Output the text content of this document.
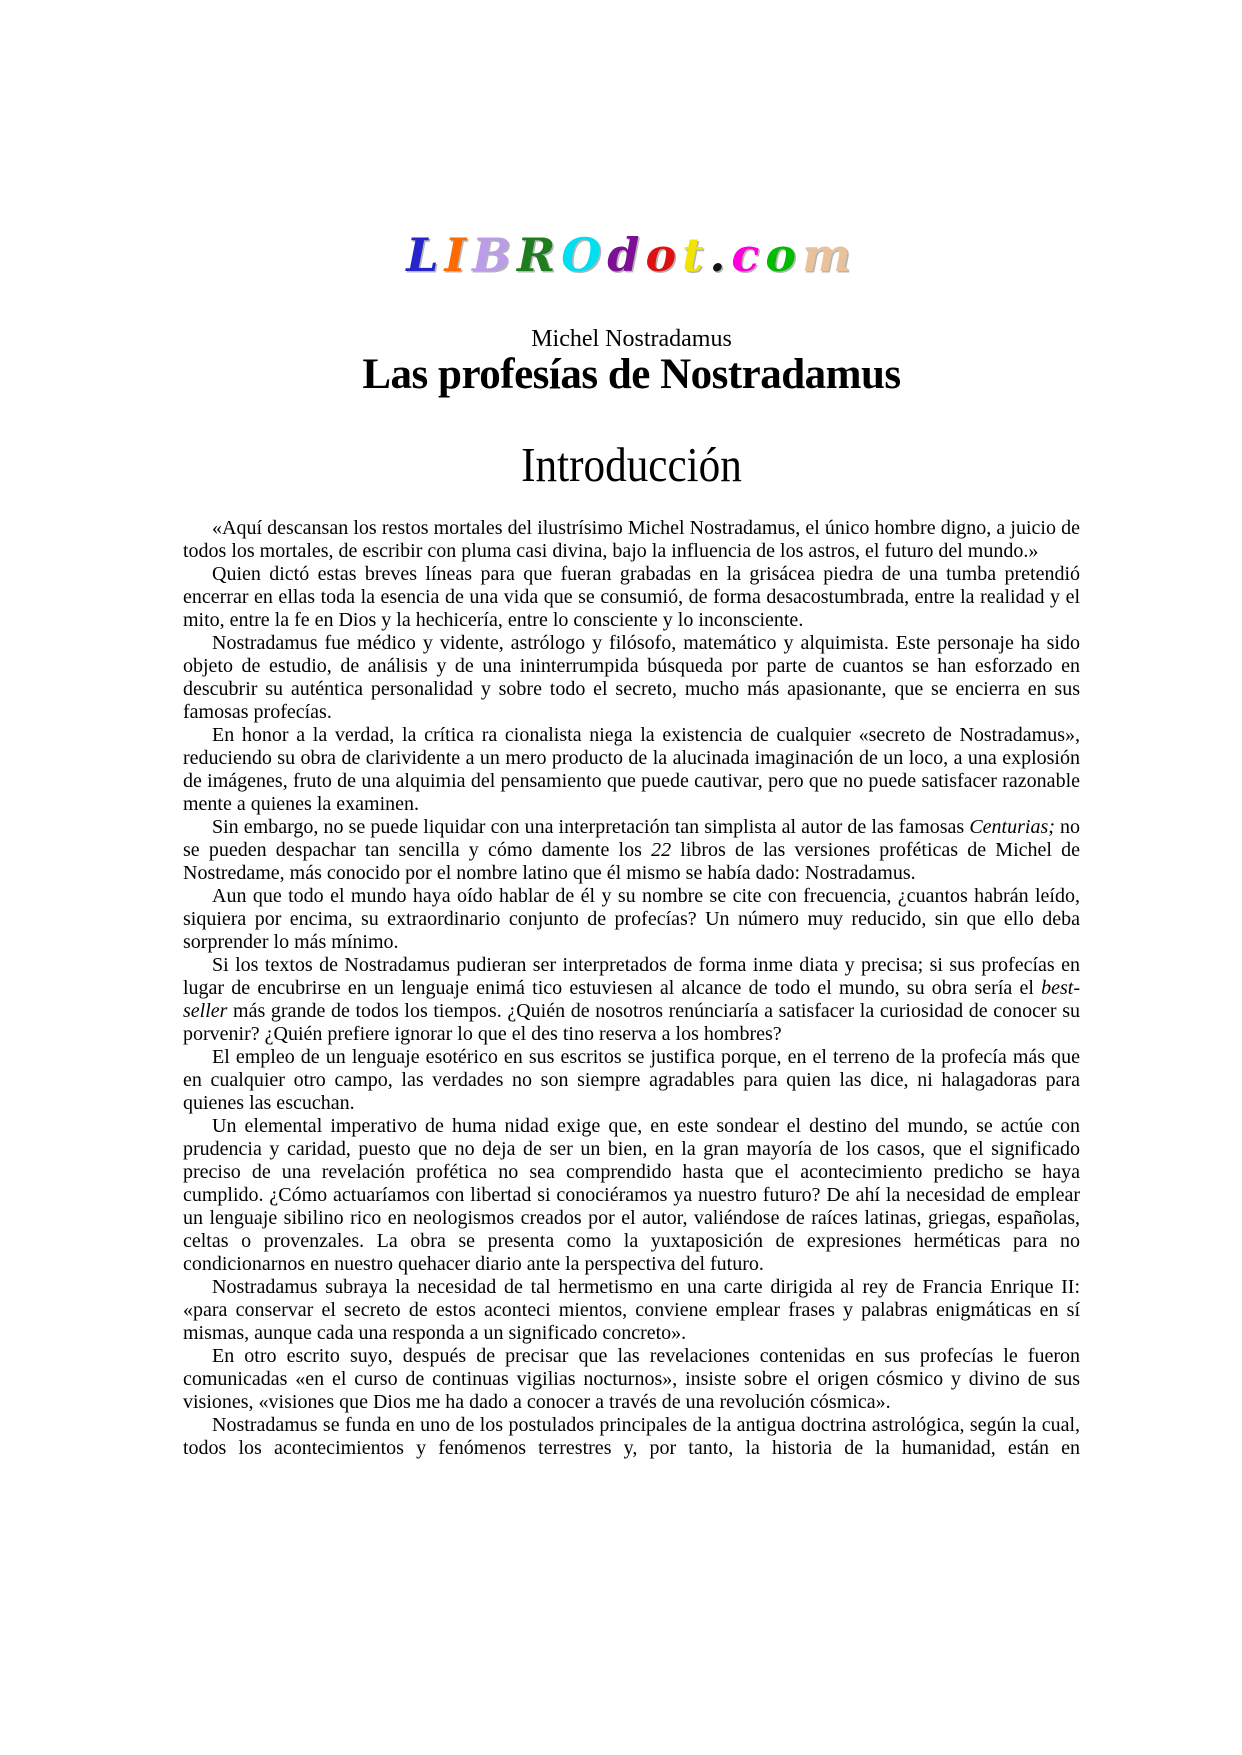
LIBROdot.com
Michel Nostradamus
Las profesías de Nostradamus
Introducción

«Aquí descansan los restos mortales del ilustrísimo Michel Nostradamus, el único hombre digno, a juicio de todos los mortales, de escribir con pluma casi divina, bajo la influencia de los astros, el futuro del mundo.»

Quien dictó estas breves líneas para que fueran grabadas en la grisácea piedra de una tumba pretendió encerrar en ellas toda la esencia de una vida que se consumió, de forma desacostumbrada, entre la realidad y el mito, entre la fe en Dios y la hechicería, entre lo consciente y lo inconsciente.

Nostradamus fue médico y vidente, astrólogo y filósofo, matemático y alquimista. Este personaje ha sido objeto de estudio, de análisis y de una ininterrumpida búsqueda por parte de cuantos se han esforzado en descubrir su auténtica personalidad y sobre todo el secreto, mucho más apasionante, que se encierra en sus famosas profecías.

En honor a la verdad, la crítica ra cionalista niega la existencia de cualquier «secreto de Nostradamus», reduciendo su obra de clarividente a un mero producto de la alucinada imaginación de un loco, a una explosión de imágenes, fruto de una alquimia del pensamiento que puede cautivar, pero que no puede satisfacer razonable mente a quienes la examinen.

Sin embargo, no se puede liquidar con una interpretación tan simplista al autor de las famosas Centurias; no se pueden despachar tan sencilla y cómo damente los 22 libros de las versiones proféticas de Michel de Nostredame, más conocido por el nombre latino que él mismo se había dado: Nostradamus.

Aun que todo el mundo haya oído hablar de él y su nombre se cite con frecuencia, ¿cuantos habrán leído, siquiera por encima, su extraordinario conjunto de profecías? Un número muy reducido, sin que ello deba sorprender lo más mínimo.

Si los textos de Nostradamus pudieran ser interpretados de forma inme diata y precisa; si sus profecías en lugar de encubrirse en un lenguaje enimá tico estuviesen al alcance de todo el mundo, su obra sería el best-seller más grande de todos los tiempos. ¿Quién de nosotros renúnciaría a satisfacer la curiosidad de conocer su porvenir? ¿Quién prefiere ignorar lo que el des tino reserva a los hombres?

El empleo de un lenguaje esotérico en sus escritos se justifica porque, en el terreno de la profecía más que en cualquier otro campo, las verdades no son siempre agradables para quien las dice, ni halagadoras para quienes las escuchan.

Un elemental imperativo de huma nidad exige que, en este sondear el destino del mundo, se actúe con prudencia y caridad, puesto que no deja de ser un bien, en la gran mayoría de los casos, que el significado preciso de una revelación profética no sea comprendido hasta que el acontecimiento predicho se haya cumplido. ¿Cómo actuaríamos con libertad si conociéramos ya nuestro futuro? De ahí la necesidad de emplear un lenguaje sibilino rico en neologismos creados por el autor, valiéndose de raíces latinas, griegas, españolas, celtas o provenzales. La obra se presenta como la yuxtaposición de expresiones herméticas para no condicionarnos en nuestro quehacer diario ante la perspectiva del futuro.

Nostradamus subraya la necesidad de tal hermetismo en una carte dirigida al rey de Francia Enrique II: «para conservar el secreto de estos aconteci mientos, conviene emplear frases y palabras enigmáticas en sí mismas, aunque cada una responda a un significado concreto».

En otro escrito suyo, después de precisar que las revelaciones contenidas en sus profecías le fueron comunicadas «en el curso de continuas vigilias nocturnos», insiste sobre el origen cósmico y divino de sus visiones, «visiones que Dios me ha dado a conocer a través de una revolución cósmica».

Nostradamus se funda en uno de los postulados principales de la antigua doctrina astrológica, según la cual, todos los acontecimientos y fenómenos terrestres y, por tanto, la historia de la humanidad, están en
